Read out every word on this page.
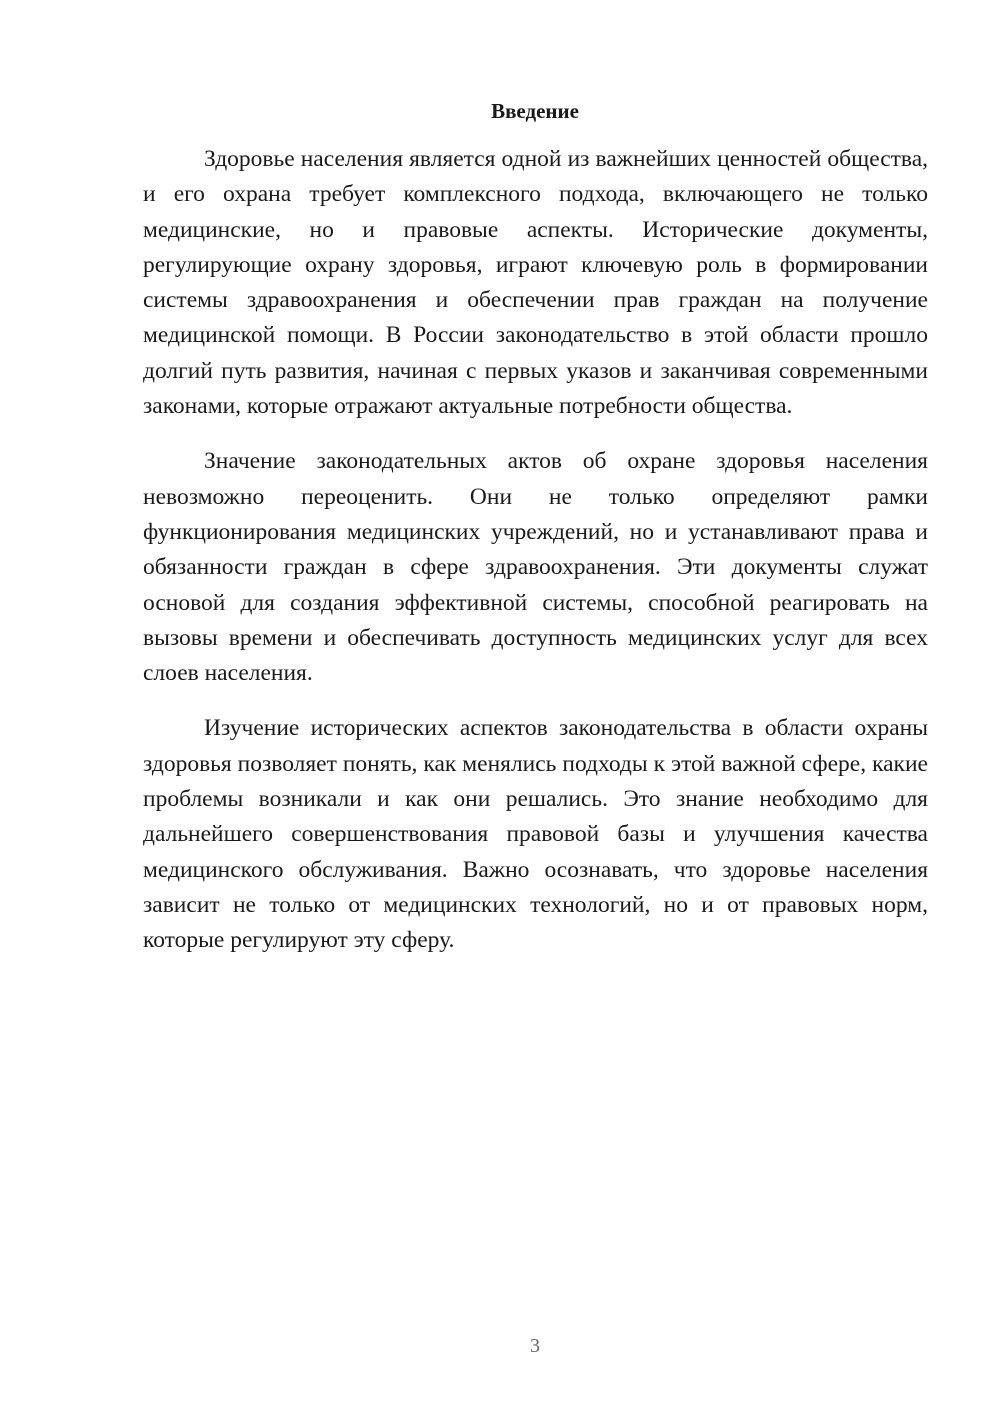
Введение

Здоровье населения является одной из важнейших ценностей общества, и его охрана требует комплексного подхода, включающего не только медицинские, но и правовые аспекты. Исторические документы, регулирующие охрану здоровья, играют ключевую роль в формировании системы здравоохранения и обеспечении прав граждан на получение медицинской помощи. В России законодательство в этой области прошло долгий путь развития, начиная с первых указов и заканчивая современными законами, которые отражают актуальные потребности общества.

Значение законодательных актов об охране здоровья населения невозможно переоценить. Они не только определяют рамки функционирования медицинских учреждений, но и устанавливают права и обязанности граждан в сфере здравоохранения. Эти документы служат основой для создания эффективной системы, способной реагировать на вызовы времени и обеспечивать доступность медицинских услуг для всех слоев населения.

Изучение исторических аспектов законодательства в области охраны здоровья позволяет понять, как менялись подходы к этой важной сфере, какие проблемы возникали и как они решались. Это знание необходимо для дальнейшего совершенствования правовой базы и улучшения качества медицинского обслуживания. Важно осознавать, что здоровье населения зависит не только от медицинских технологий, но и от правовых норм, которые регулируют эту сферу.

3
